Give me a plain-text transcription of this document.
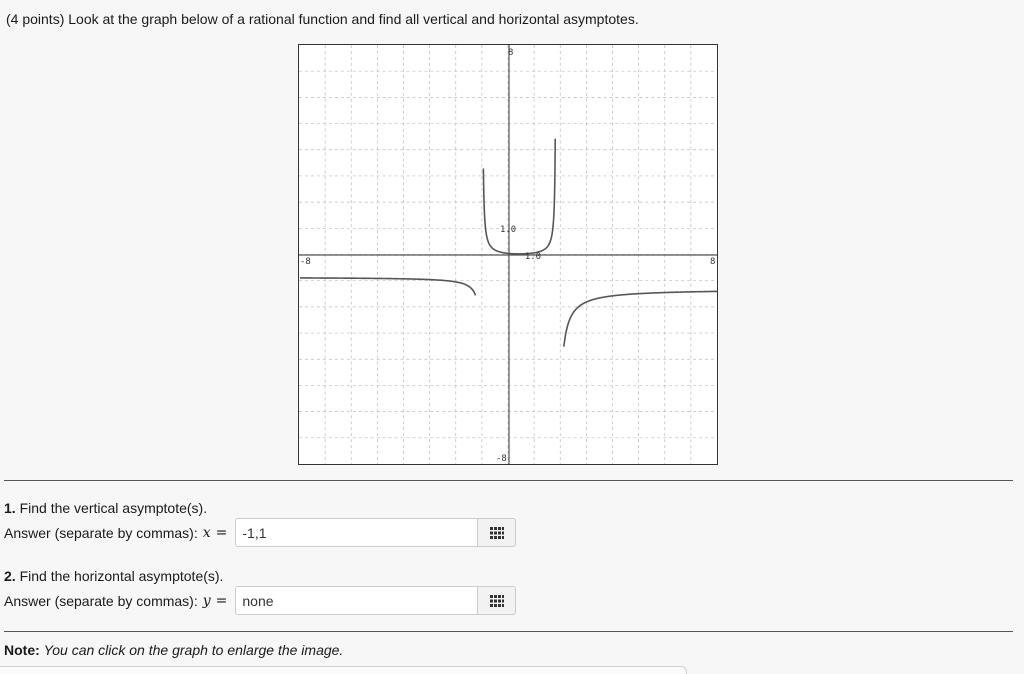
(4 points) Look at the graph below of a rational function and find all vertical and horizontal asymptotes.
8
-8
-8	8
1.0
1.0
1. Find the vertical asymptote(s).
Answer (separate by commas): x =
-1,1
2. Find the horizontal asymptote(s).
Answer (separate by commas): y =
none
Note: You can click on the graph to enlarge the image.
